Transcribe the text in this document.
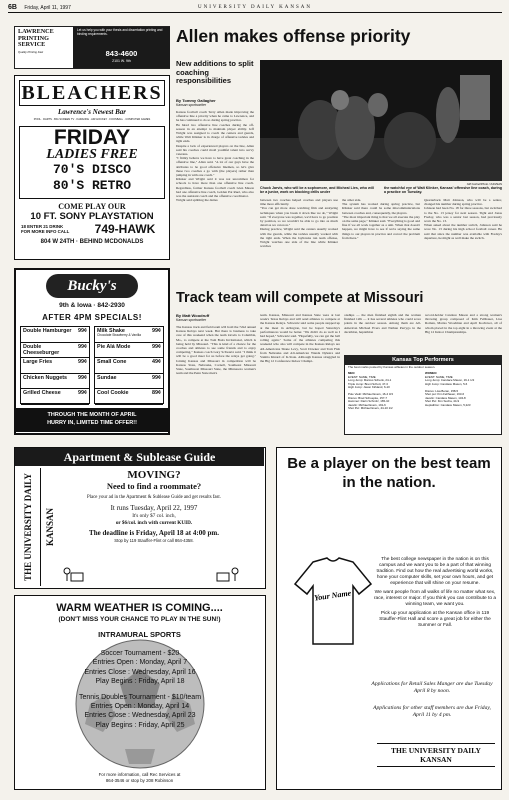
6B Friday, April 11, 1997	UNIVERSITY DAILY KANSAN
LAWRENCE
PRINTING
SERVICE
Quality Printing Fast
Let us help you with your thesis and dissertation printing and binding requirements.
843-4600
2101 W. 9th
BLEACHERS
Lawrence's Newest Bar
POOL · DARTS · BIG SCREEN TV · KARAOKE · AIR HOCKEY · FOOSBALL · COMPUTER GAMES
FRIDAY
LADIES FREE
70'S DISCO
80'S RETRO
COME PLAY OUR
10 FT. SONY PLAYSTATION
18 ENTER 21 DRINK
FOR MORE INFO CALL	749-HAWK
804 W 24TH · BEHIND MCDONALDS
Allen makes offense priority
New additions to split coaching responsibilities
By Tommy Gallagher
Kansan sportswriter

Kansas football coach Terry Allen made improving the offensive line a priority when he came to Lawrence, and he has continued to do so during spring practice.

He hired two offensive line coaches during the off-season in an attempt to maintain player ability. Jeff Wright was assigned to coach the centers and guards, while Walt Klinker is in charge of offensive tackles and tight ends.

Despite a lack of experienced players on the line, Allen said his coaches could mold youthful talent into savvy veterans.

"I firmly believe we have to have great coaching in the offensive line," Allen said. "A lot of our guys have the attributes to be good offensive linemen, so let's give these two coaches a go with (the players) rather than jumping in with one coach."

Klinker and Wright said it was not uncommon for schools to have more than one offensive line coach. Regardless, former Kansas football coach Glen Mason had one offensive line coach, Golden Pat Ruel, who also was the assistant coach and the offensive coordinator.

Wright said splitting the duties

Gilf Gorbel/Photo / KANSAN
Chuck Jarvis, who will be a sophomore, and Micheal Lies, who will be a junior, work on blocking drills under
the watchful eye of Walt Klinker, Kansas' offensive line coach, during a practice on Tuesday.

between two coaches helped coaches and players use time more efficiently.

"You can get more done watching film and analyzing techniques when you break it down like we do," Wright said. "If everyone was together, we'd have to go position by position, so we wouldn't be able to go into as much detail as we can now."

During practice, Wright said the centers usually worked with the guards, while the tackles usually worked with the tight ends. When the Jayhawks run team offense, Wright watches one side of the line while Klinker watches

the other side.

The system has worked during spring practice, but Klinker said there could be some miscommunications between coaches and, consequently, the players.

"The most important thing is that we all execute the play on the same page," Klinker said. "Everything is good and fine if we all work together as a unit. When that doesn't happen, we might have to see if we're saying the same things to our players in practice and correct the problem from there."

Quarterback Matt Johnson, who will be a senior, changed his number during spring practice.

Johnson had been No. 18 for three seasons, but switched to the No. 13 jersey for next season. Tight end Jonas Freday, who was a senior last season, had previously worn the No. 13.

When asked about the number switch, Johnson said he wore No. 13 during his high school football career. He said that since the number was available with Freday's departure, he might as well make the switch.

Bucky's
9th & Iowa · 842-2930
AFTER 4PM SPECIALS!
Double Hamburger 99¢
Double Cheeseburger
99¢
Large Fries	99¢
Chicken Nuggets 99¢
Grilled Cheese	99¢
Milk Shake	99¢
Chocolate Strawberry & Vanilla
Pie Alá Mode	99¢
Small Cone	49¢
Sundae	99¢
Cool Cookie	89¢
THROUGH THE MONTH OF APRIL
HURRY IN, LIMITED TIME OFFER!!
Track team will compete at Missouri
By Matt Woodruff
Kansan sportswriter
The Kansas track and field team will hold the 72nd annual Kansas Relays next week. But there is business to take care of this weekend when the team travels to Columbia, Mo., to compete at the Tom Botts Invitational, which is being held by Missouri. "This is kind of a chance for the coaches and athletes to see some friends and to enjoy competing," Kansas coach Gary Schwartz said. "I think it will be a good meet for us before the relays get going." Joining Kansas and Missouri in competition will be Kansas State, Nebraska, Cornell, Southeast Missouri State, Southwest Missouri State, the Minnesota women's team and the Penn State men's
team. Kansas, Missouri and Kansas State were at last week's Texas Relays and will send athletes to compete at the Kansas Relays. Schwartz said some people stepped up at the meet in Arlington, but he hoped Saturday's performances would be better. "We didn't do as well as I had hoped," Schwartz said. "Hopefully, we can get the ball rolling again." Some of the athletes competing this weekend who also will compete in the Kansas Relays are All-Americans Shane Levy, Scott Dowker and Tom Fish from Nebraska and All-American Wanda Dykstra and Vanitta Kinard of K-State. Although Kansas struggled in the Big 12 Conference Indoor Champi-
onships — the men finished eighth and the women finished 12th — it has several athletes who could score points in the outdoor season. Among them are All-American Michael Evers and Nathan Perrygo in the decathlon, heptathlon
record-holder Candace Mason and a strong women's throwing group composed of Kim Fellhauer, Lisa Roman, Marisa Woodman and April Kochaver, all of whom placed in the top eight in a throwing event at the Big 12 Indoor Championships.
Kansas Top Performers
The best marks posted by Kansas athletes in the outdoor season.
MEN
EVENT: NAME, TIME
Long Jump: Marcus Schenk, 24-1
Triple Jump: Brent Schott, 47-3
High Jump: Jason Kirkland, 6-10
Pole Vault: Michael Evers, 16-4 3/4
Discus: Brad Schoepke, 157-7
Hammer: Darin Schmitz, 165-10
Javelin: Michael Evers, 191-6
Shot Put: Michael Evers, 44-10 1/2
WOMEN
EVENT: NAME, TIME
Long Jump: Candace Mason, 19-1 1/2
High Jump: Candace Mason, 5-6
Discus: Lisa Beran, 158-5
Shot put: Kim Fellhauer, 163-6
Javelin: Candace Mason, 134-8
Shot Put: Kim Sucha, 44-9
Heptathlon: Candace Mason, 5,223
Apartment & Sublease Guide
THE UNIVERSITY DAILY KANSAN
MOVING?
Need to find a roommate?
Place your ad in the Apartment & Sublease Guide and get results fast.
It runs Tuesday, April 22, 1997
It's only $7 col. inch,
or $6/col. inch with current KUID.
The deadline is Friday, April 18 at 4:00 pm.
Stop by 119 Stauffer-Flint or call 864-4358.
Be a player on the best team in the nation.
Your Name

The best college newspaper in the nation is on this campus and we want you to be a part of that winning tradition. Find out how the real advertising world works, hone your computer skills, set your own hours, and get experience that will shine on your resume.

We want people from all walks of life no matter what sex, race, interest or major. If you think you can contribute to a winning team, we want you.

Pick up your application at the Kansan office in 119 Stauffer-Flint Hall and score a great job for either the Summer or Fall.

Applications for Retail Sales Manger are due Tuesday April 8 by noon.
Applications for other staff members are due Friday, April 11 by 4 pm.
THE UNIVERSITY DAILY KANSAN
WARM WEATHER IS COMING....
(DON'T MISS YOUR CHANCE TO PLAY IN THE SUN!)
INTRAMURAL SPORTS
Soccer Tournament - $20
Entries Open : Monday, April 7
Entries Close : Wednesday, April 16
Play Begins : Friday, April 18
Tennis Doubles Tournament - $10/team
Entries Open : Monday, April 14
Entries Close : Wednesday, April 23
Play Begins : Friday, April 25
For more information, call Rec Services at
864-3546 or stop by 208 Robinson
